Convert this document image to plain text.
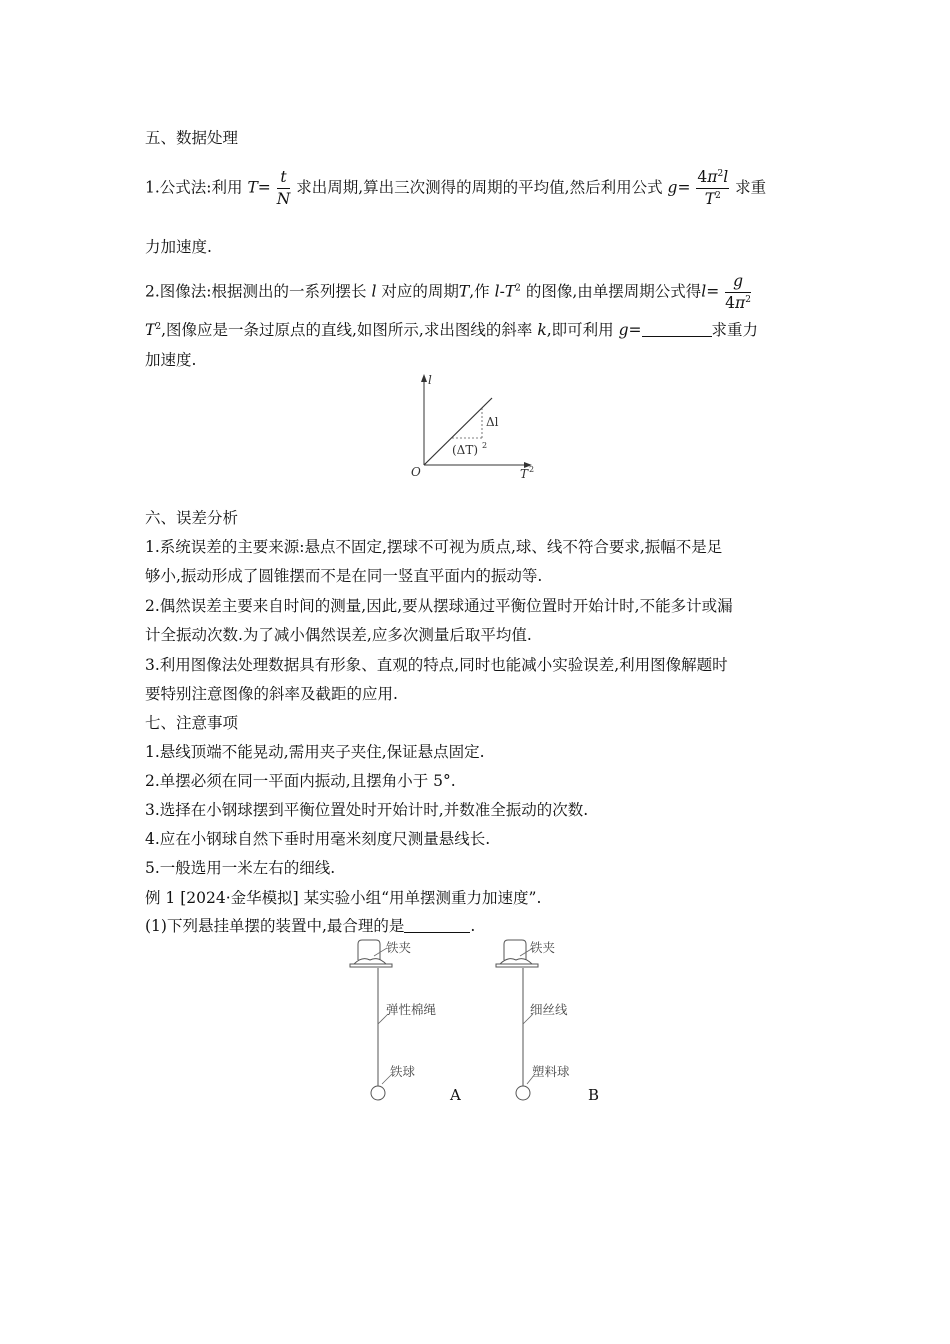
五、数据处理
1.公式法:利用 $T= \frac{t}{N}$ 求出周期,算出三次测得的周期的平均值,然后利用公式 $g= \frac{4\pi^2l}{T^2}$ 求重
力加速度.
2.图像法:根据测出的一系列摆长 l 对应的周期T,作 $l-T^2$ 的图像,由单摆周期公式得$l= \frac{g}{4\pi^2}$
$T^2$,图像应是一条过原点的直线,如图所示,求出图线的斜率 k,即可利用 g=	求重力
加速度.
l
O	T 2
Δl
(ΔT) 2
六、误差分析
1.系统误差的主要来源:悬点不固定,摆球不可视为质点,球、线不符合要求,振幅不是足
够小,振动形成了圆锥摆而不是在同一竖直平面内的振动等.
2.偶然误差主要来自时间的测量,因此,要从摆球通过平衡位置时开始计时,不能多计或漏
计全振动次数.为了减小偶然误差,应多次测量后取平均值.
3.利用图像法处理数据具有形象、直观的特点,同时也能减小实验误差,利用图像解题时
要特别注意图像的斜率及截距的应用.
七、注意事项
1.悬线顶端不能晃动,需用夹子夹住,保证悬点固定.
2.单摆必须在同一平面内振动,且摆角小于 5°.
3.选择在小钢球摆到平衡位置处时开始计时,并数准全振动的次数.
4.应在小钢球自然下垂时用毫米刻度尺测量悬线长.
5.一般选用一米左右的细线.
例 1 [2024·金华模拟] 某实验小组“用单摆测重力加速度”.
(1)下列悬挂单摆的装置中,最合理的是	.
铁夹
弹性棉绳
铁球
A
铁夹
细丝线
塑料球
B
